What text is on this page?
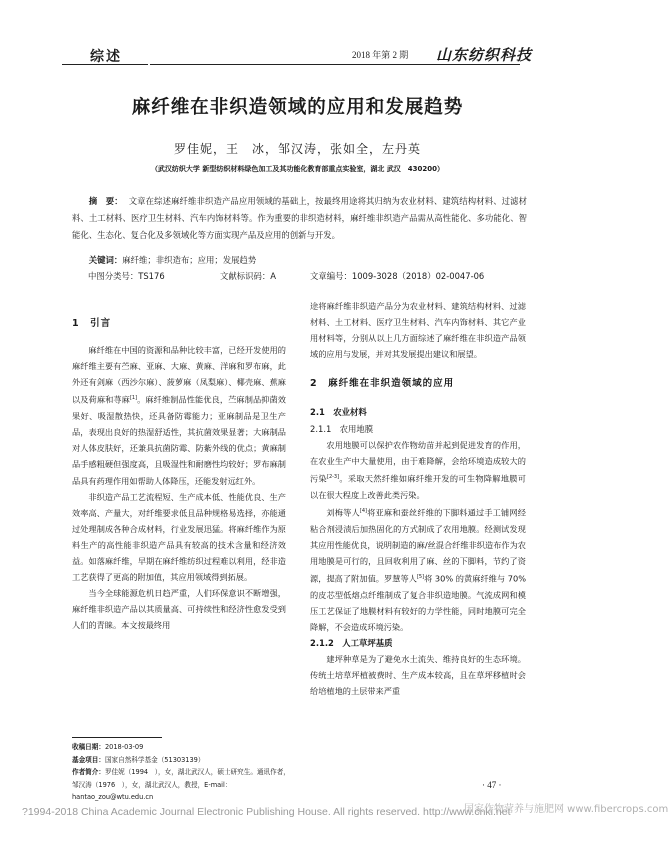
综述	2018 年第 2 期 山东纺织科技
麻纤维在非织造领域的应用和发展趋势
罗佳妮，王　冰，邹汉涛，张如全，左丹英
（武汉纺织大学 新型纺织材料绿色加工及其功能化教育部重点实验室，湖北 武汉　430200）

摘　要： 文章在综述麻纤维非织造产品应用领域的基础上，按最终用途将其归纳为农业材料、建筑结构材料、过滤材料、土工材料、医疗卫生材料、汽车内饰材料等。作为重要的非织造材料，麻纤维非织造产品需从高性能化、多功能化、智能化、生态化、复合化及多领域化等方面实现产品及应用的创新与开发。

关键词：麻纤维；非织造布；应用；发展趋势
中图分类号：TS176	文献标识码：A	文章编号：1009-3028（2018）02-0047-06
1　引言

麻纤维在中国的资源和品种比较丰富，已经开发使用的麻纤维主要有苎麻、亚麻、大麻、黄麻、洋麻和罗布麻，此外还有剑麻（西沙尔麻）、菠萝麻（凤梨麻）、椰壳麻、蕉麻以及荷麻和荨麻[1]。麻纤维制品性能优良，苎麻制品抑菌效果好、吸湿散热快，还具备防霉能力；亚麻制品是卫生产品，表现出良好的热湿舒适性，其抗菌效果显著；大麻制品对人体皮肤好，还兼具抗菌防霉、防紫外线的优点；黄麻制品手感粗硬但强度高，且吸湿性和耐磨性均较好；罗布麻制品具有药理作用如帮助人体降压，还能发射远红外。

非织造产品工艺流程短、生产成本低、性能优良、生产效率高、产量大，对纤维要求低且品种规格易选择，亦能通过处理制成各种合成材料，行业发展迅猛。将麻纤维作为原料生产的高性能非织造产品具有较高的技术含量和经济效益。如落麻纤维，早期在麻纤维纺织过程难以利用，经非造工艺获得了更高的附加值，其应用领域得到拓展。

当今全球能源危机日趋严重，人们环保意识不断增强，麻纤维非织造产品以其质量高、可持续性和经济性愈发受到人们的青睐。本文按最终用

收稿日期：2018-03-09
基金项目：国家自然科学基金（51303139）
作者简介：罗佳妮（1994　），女，湖北武汉人，硕士研究生。通讯作者，邹汉涛（1976　），女，湖北武汉人，教授，E-mail：hantao_zou@wtu.edu.cn

途将麻纤维非织造产品分为农业材料、建筑结构材料、过滤材料、土工材料、医疗卫生材料、汽车内饰材料、其它产业用材料等，分别从以上几方面综述了麻纤维在非织造产品领域的应用与发展，并对其发展提出建议和展望。

2　麻纤维在非织造领域的应用
2.1　农业材料
2.1.1　农用地膜

农用地膜可以保护农作物幼苗并起到促进发育的作用，在农业生产中大量使用，由于难降解，会给环境造成较大的污染[2-3]。采取天然纤维如麻纤维开发的可生物降解地膜可以在很大程度上改善此类污染。

刘梅等人[4]将亚麻和蚕丝纤维的下脚料通过手工铺网经粘合剂浸渍后加热固化的方式制成了农用地膜。经测试发现其应用性能优良，说明制造的麻/丝混合纤维非织造布作为农用地膜是可行的，且回收利用了麻、丝的下脚料，节约了资源，提高了附加值。罗慧等人[5]将 30% 的黄麻纤维与 70% 的皮芯型低熔点纤维制成了复合非织造地膜。气流成网和模压工艺保证了地膜材料有较好的力学性能，同时地膜可完全降解，不会造成环境污染。

2.1.2　人工草坪基质

建坪种草是为了避免水土流失、维持良好的生态环境。传统土培草坪植被费时、生产成本较高，且在草坪移植时会给培植地的土层带来严重

· 47 ·
?1994-2018 China Academic Journal Electronic Publishing House. All rights reserved. http://www.cnki.net
国家作物营养与施肥网 www.fibercrops.com
